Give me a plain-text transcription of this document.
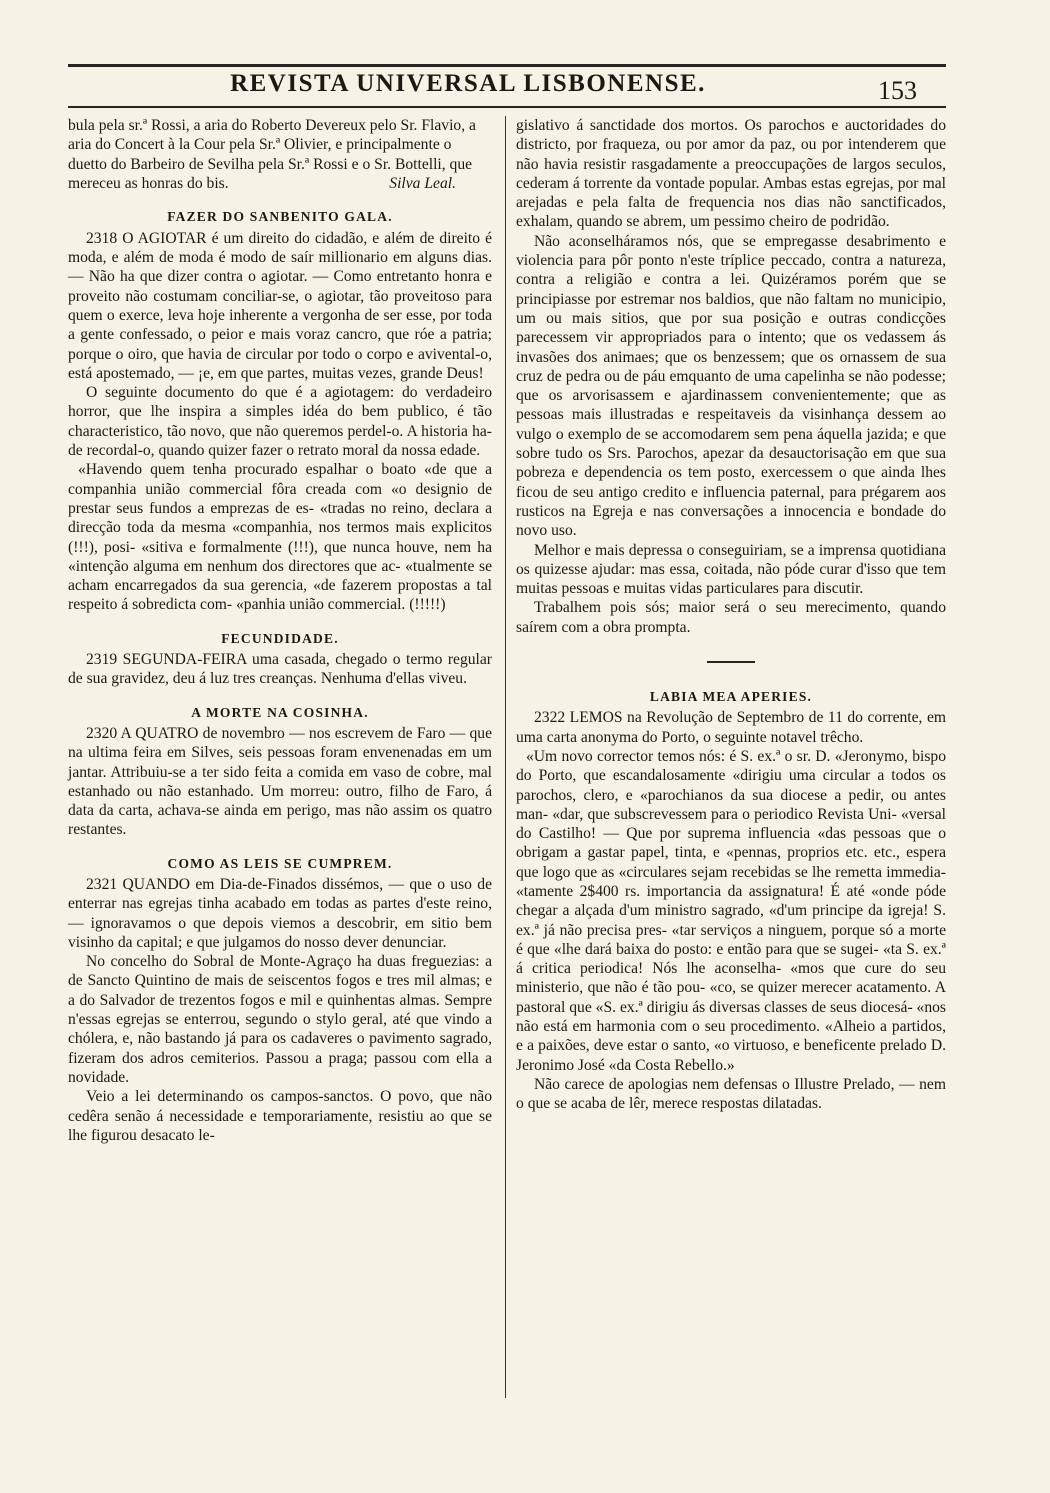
REVISTA UNIVERSAL LISBONENSE.	153

bula pela sr.ª Rossi, a aria do Roberto Devereux pelo Sr. Flavio, a aria do Concert à la Cour pela Sr.ª Olivier, e principalmente o duetto do Barbeiro de Sevilha pela Sr.ª Rossi e o Sr. Bottelli, que mereceu as honras do bis.	Silva Leal.
FAZER DO SANBENITO GALA.

2318 O AGIOTAR é um direito do cidadão, e além de direito é moda, e além de moda é modo de saír millionario em alguns dias. — Não ha que dizer contra o agiotar. — Como entretanto honra e proveito não costumam conciliar-se, o agiotar, tão proveitoso para quem o exerce, leva hoje inherente a vergonha de ser esse, por toda a gente confessado, o peior e mais voraz cancro, que róe a patria; porque o oiro, que havia de circular por todo o corpo e avivental-o, está apostemado, — ¡e, em que partes, muitas vezes, grande Deus!

O seguinte documento do que é a agiotagem: do verdadeiro horror, que lhe inspira a simples idéa do bem publico, é tão characteristico, tão novo, que não queremos perdel-o. A historia ha-de recordal-o, quando quizer fazer o retrato moral da nossa edade.

«Havendo quem tenha procurado espalhar o boato «de que a companhia união commercial fôra creada com «o designio de prestar seus fundos a emprezas de es- «tradas no reino, declara a direcção toda da mesma «companhia, nos termos mais explicitos (!!!), posi- «sitiva e formalmente (!!!), que nunca houve, nem ha «intenção alguma em nenhum dos directores que ac- «tualmente se acham encarregados da sua gerencia, «de fazerem propostas a tal respeito á sobredicta com- «panhia união commercial. (!!!!!)

FECUNDIDADE.

2319 SEGUNDA-FEIRA uma casada, chegado o termo regular de sua gravidez, deu á luz tres creanças. Nenhuma d'ellas viveu.

A MORTE NA COSINHA.

2320 A QUATRO de novembro — nos escrevem de Faro — que na ultima feira em Silves, seis pessoas foram envenenadas em um jantar. Attribuiu-se a ter sido feita a comida em vaso de cobre, mal estanhado ou não estanhado. Um morreu: outro, filho de Faro, á data da carta, achava-se ainda em perigo, mas não assim os quatro restantes.

COMO AS LEIS SE CUMPREM.

2321 QUANDO em Dia-de-Finados dissémos, — que o uso de enterrar nas egrejas tinha acabado em todas as partes d'este reino, — ignoravamos o que depois viemos a descobrir, em sitio bem visinho da capital; e que julgamos do nosso dever denunciar.

No concelho do Sobral de Monte-Agraço ha duas freguezias: a de Sancto Quintino de mais de seiscentos fogos e tres mil almas; e a do Salvador de trezentos fogos e mil e quinhentas almas. Sempre n'essas egrejas se enterrou, segundo o stylo geral, até que vindo a chólera, e, não bastando já para os cadaveres o pavimento sagrado, fizeram dos adros cemiterios. Passou a praga; passou com ella a novidade.

Veio a lei determinando os campos-sanctos. O povo, que não cedêra senão á necessidade e temporariamente, resistiu ao que se lhe figurou desacato le-

gislativo á sanctidade dos mortos. Os parochos e auctoridades do districto, por fraqueza, ou por amor da paz, ou por intenderem que não havia resistir rasgadamente a preoccupações de largos seculos, cederam á torrente da vontade popular. Ambas estas egrejas, por mal arejadas e pela falta de frequencia nos dias não sanctificados, exhalam, quando se abrem, um pessimo cheiro de podridão.

Não aconselháramos nós, que se empregasse desabrimento e violencia para pôr ponto n'este tríplice peccado, contra a natureza, contra a religião e contra a lei. Quizéramos porém que se principiasse por estremar nos baldios, que não faltam no municipio, um ou mais sitios, que por sua posição e outras condicções parecessem vir appropriados para o intento; que os vedassem ás invasões dos animaes; que os benzessem; que os ornassem de sua cruz de pedra ou de páu emquanto de uma capelinha se não podesse; que os arvorisassem e ajardinassem convenientemente; que as pessoas mais illustradas e respeitaveis da visinhança dessem ao vulgo o exemplo de se accomodarem sem pena áquella jazida; e que sobre tudo os Srs. Parochos, apezar da desauctorisação em que sua pobreza e dependencia os tem posto, exercessem o que ainda lhes ficou de seu antigo credito e influencia paternal, para prégarem aos rusticos na Egreja e nas conversações a innocencia e bondade do novo uso.

Melhor e mais depressa o conseguiriam, se a imprensa quotidiana os quizesse ajudar: mas essa, coitada, não póde curar d'isso que tem muitas pessoas e muitas vidas particulares para discutir.

Trabalhem pois sós; maior será o seu merecimento, quando saírem com a obra prompta.

LABIA MEA APERIES.

2322 LEMOS na Revolução de Septembro de 11 do corrente, em uma carta anonyma do Porto, o seguinte notavel trêcho.

«Um novo corrector temos nós: é S. ex.ª o sr. D. «Jeronymo, bispo do Porto, que escandalosamente «dirigiu uma circular a todos os parochos, clero, e «parochianos da sua diocese a pedir, ou antes man- «dar, que subscrevessem para o periodico Revista Uni- «versal do Castilho! — Que por suprema influencia «das pessoas que o obrigam a gastar papel, tinta, e «pennas, proprios etc. etc., espera que logo que as «circulares sejam recebidas se lhe remetta immedia- «tamente 2$400 rs. importancia da assignatura! É até «onde póde chegar a alçada d'um ministro sagrado, «d'um principe da igreja! S. ex.ª já não precisa pres- «tar serviços a ninguem, porque só a morte é que «lhe dará baixa do posto: e então para que se sugei- «ta S. ex.ª á critica periodica! Nós lhe aconselha- «mos que cure do seu ministerio, que não é tão pou- «co, se quizer merecer acatamento. A pastoral que «S. ex.ª dirigiu ás diversas classes de seus diocesá- «nos não está em harmonia com o seu procedimento. «Alheio a partidos, e a paixões, deve estar o santo, «o virtuoso, e beneficente prelado D. Jeronimo José «da Costa Rebello.»

Não carece de apologias nem defensas o Illustre Prelado, — nem o que se acaba de lêr, merece respostas dilatadas.
